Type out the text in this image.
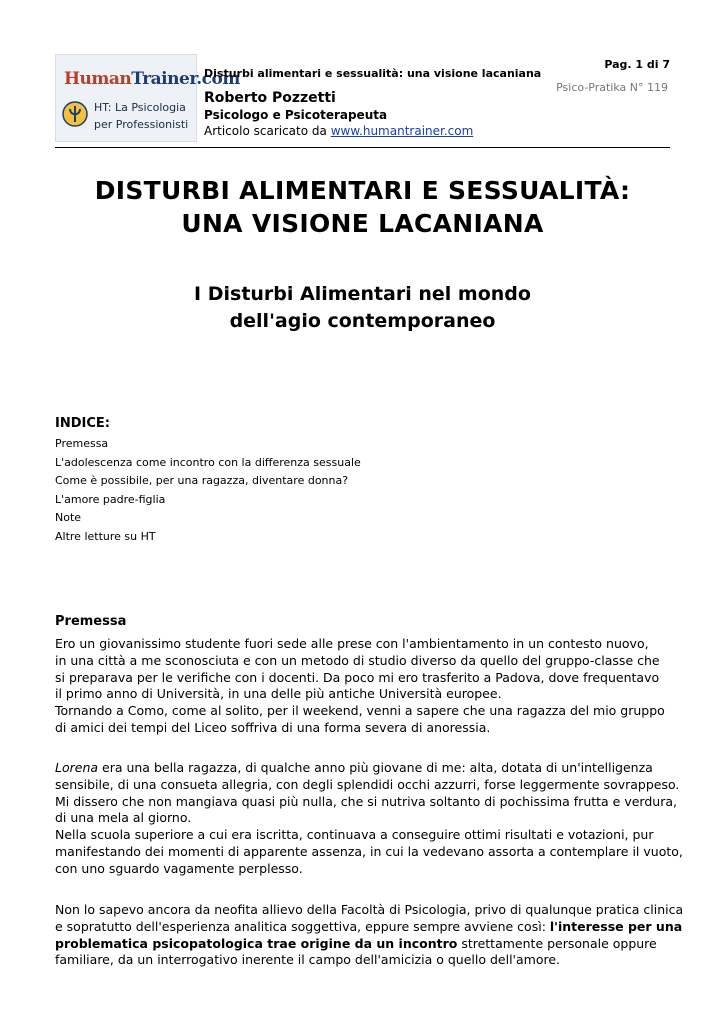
HumanTrainer.com
HT: La Psicologia
per Professionisti
Disturbi alimentari e sessualità: una visione lacaniana
Roberto Pozzetti
Psicologo e Psicoterapeuta
Articolo scaricato da www.humantrainer.com
Pag. 1 di 7
Psico-Pratika N° 119
DISTURBI ALIMENTARI E SESSUALITÀ:
UNA VISIONE LACANIANA
I Disturbi Alimentari nel mondo
dell'agio contemporaneo
INDICE:
Premessa
L'adolescenza come incontro con la differenza sessuale
Come è possibile, per una ragazza, diventare donna?
L'amore padre-figlia
Note
Altre letture su HT
Premessa

Ero un giovanissimo studente fuori sede alle prese con l'ambientamento in un contesto nuovo,
in una città a me sconosciuta e con un metodo di studio diverso da quello del gruppo-classe che
si preparava per le verifiche con i docenti. Da poco mi ero trasferito a Padova, dove frequentavo
il primo anno di Università, in una delle più antiche Università europee.
Tornando a Como, come al solito, per il weekend, venni a sapere che una ragazza del mio gruppo
di amici dei tempi del Liceo soffriva di una forma severa di anoressia.

Lorena era una bella ragazza, di qualche anno più giovane di me: alta, dotata di un'intelligenza
sensibile, di una consueta allegria, con degli splendidi occhi azzurri, forse leggermente sovrappeso.
Mi dissero che non mangiava quasi più nulla, che si nutriva soltanto di pochissima frutta e verdura,
di una mela al giorno.
Nella scuola superiore a cui era iscritta, continuava a conseguire ottimi risultati e votazioni, pur
manifestando dei momenti di apparente assenza, in cui la vedevano assorta a contemplare il vuoto,
con uno sguardo vagamente perplesso.

Non lo sapevo ancora da neofita allievo della Facoltà di Psicologia, privo di qualunque pratica clinica
e sopratutto dell'esperienza analitica soggettiva, eppure sempre avviene così: l'interesse per una
problematica psicopatologica trae origine da un incontro strettamente personale oppure
familiare, da un interrogativo inerente il campo dell'amicizia o quello dell'amore.
